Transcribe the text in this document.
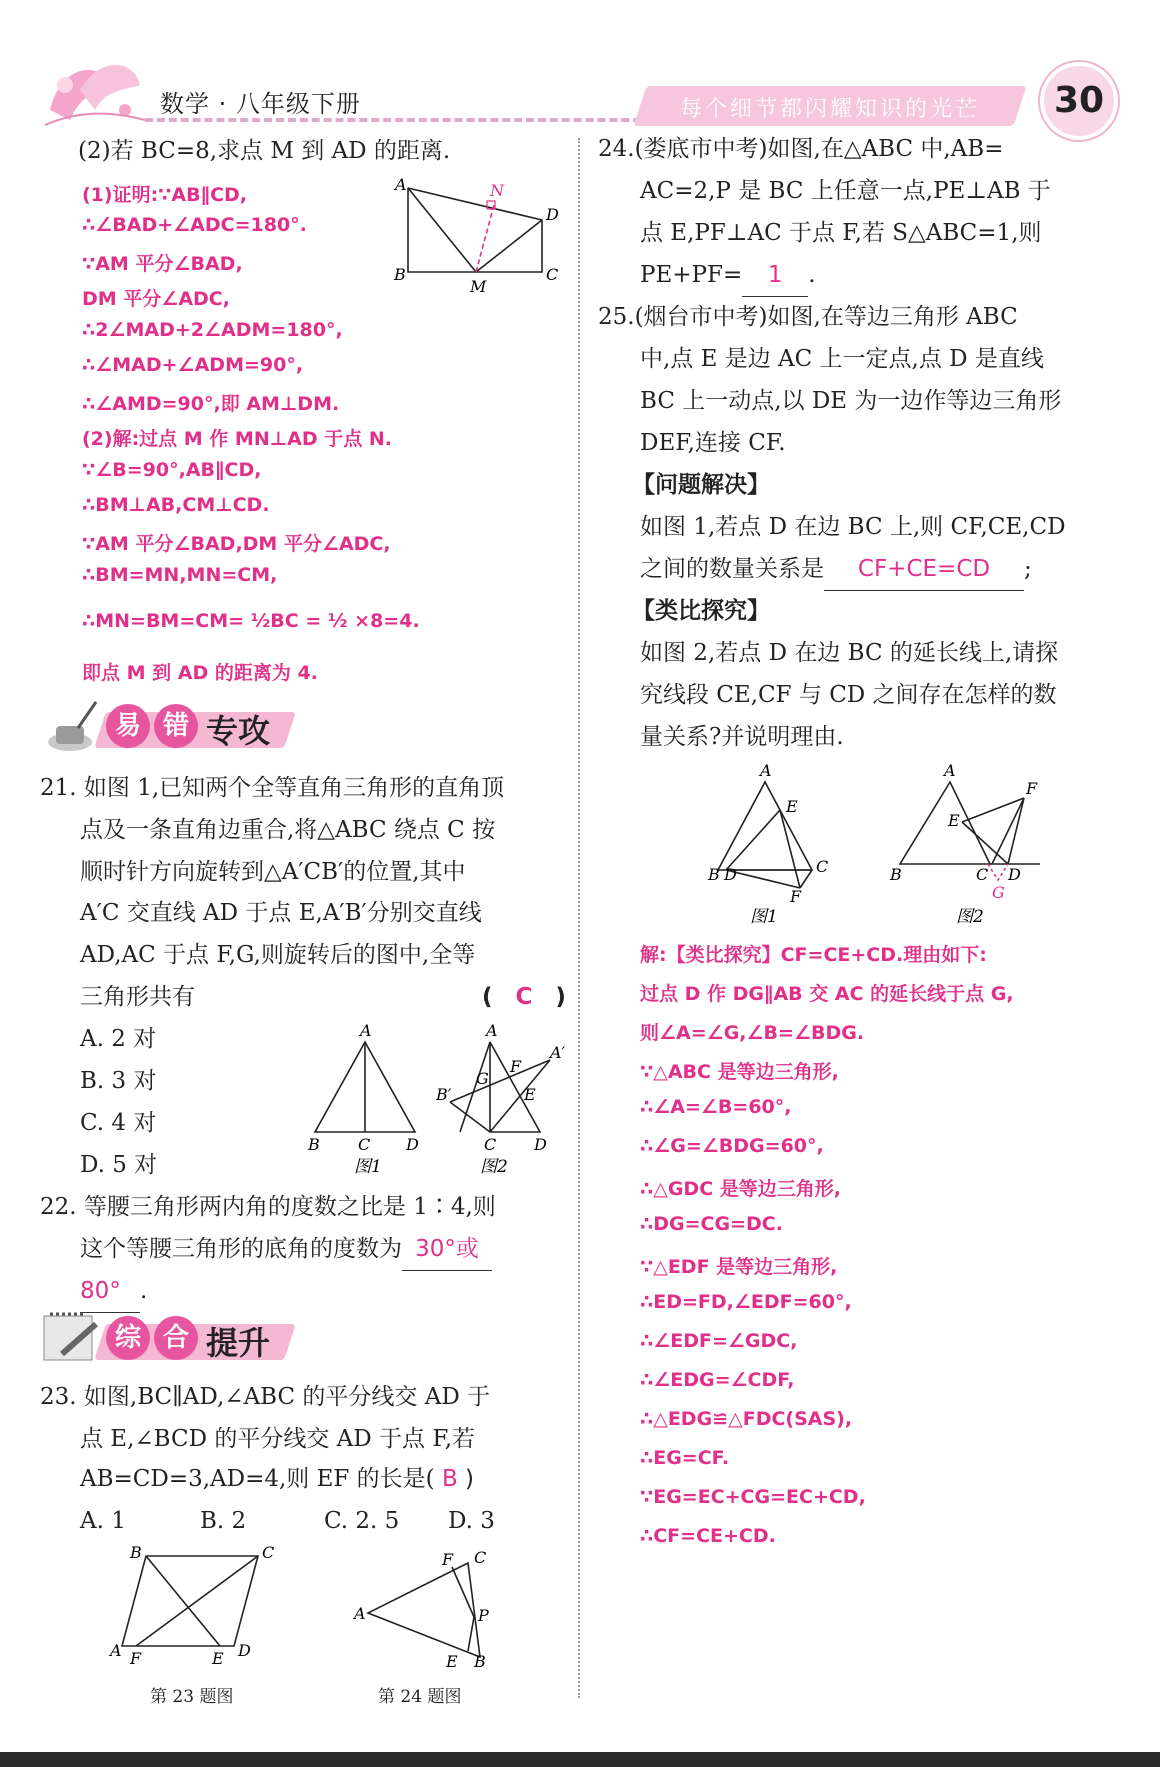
数学 · 八年级下册	每个细节都闪耀知识的光芒	30
(2)若 BC=8,求点 M 到 AD 的距离.
(1)证明:∵AB∥CD,
∴∠BAD+∠ADC=180°.
∵AM 平分∠BAD,
DM 平分∠ADC,
∴2∠MAD+2∠ADM=180°,
∴∠MAD+∠ADM=90°,
∴∠AMD=90°,即 AM⊥DM.
(2)解:过点 M 作 MN⊥AD 于点 N.
∵∠B=90°,AB∥CD,
∴BM⊥AB,CM⊥CD.
∵AM 平分∠BAD,DM 平分∠ADC,
∴BM=MN,MN=CM,
∴MN=BM=CM= ½BC = ½ ×8=4.
即点 M 到 AD 的距离为 4.
A
D
B	C
M
N
易 错 专攻
21. 如图 1,已知两个全等直角三角形的直角顶
点及一条直角边重合,将△ABC 绕点 C 按
顺时针方向旋转到△A′CB′的位置,其中
A′C 交直线 AD 于点 E,A′B′分别交直线
AD,AC 于点 F,G,则旋转后的图中,全等
三角形共有	(　C　)
A. 2 对
B. 3 对
C. 4 对
D. 5 对
A
B C D
A
A′
B′
G
F
E
C D
图1	图2
22. 等腰三角形两内角的度数之比是 1∶4,则
这个等腰三角形的底角的度数为 30°或
80° .
综 合 提升
23. 如图,BC∥AD,∠ABC 的平分线交 AD 于
点 E,∠BCD 的平分线交 AD 于点 F,若
AB=CD=3,AD=4,则 EF 的长是( B )
A. 1	B. 2	C. 2. 5 D. 3
B	C
A F	E D
第 23 题图
A
F C
P
E B
第 24 题图
24.(娄底市中考)如图,在△ABC 中,AB=
AC=2,P 是 BC 上任意一点,PE⊥AB 于
点 E,PF⊥AC 于点 F,若 S△ABC=1,则
PE+PF= 1 .
25.(烟台市中考)如图,在等边三角形 ABC
中,点 E 是边 AC 上一定点,点 D 是直线
BC 上一动点,以 DE 为一边作等边三角形
DEF,连接 CF.
【问题解决】
如图 1,若点 D 在边 BC 上,则 CF,CE,CD
之间的数量关系是 CF+CE=CD ;
【类比探究】
如图 2,若点 D 在边 BC 的延长线上,请探
究线段 CE,CF 与 CD 之间存在怎样的数
量关系?并说明理由.
A
E
C
B D
F
A
F
E
B	C D
G
图1	图2
解:【类比探究】CF=CE+CD.理由如下:
过点 D 作 DG∥AB 交 AC 的延长线于点 G,
则∠A=∠G,∠B=∠BDG.
∵△ABC 是等边三角形,
∴∠A=∠B=60°,
∴∠G=∠BDG=60°,
∴△GDC 是等边三角形,
∴DG=CG=DC.
∵△EDF 是等边三角形,
∴ED=FD,∠EDF=60°,
∴∠EDF=∠GDC,
∴∠EDG=∠CDF,
∴△EDG≌△FDC(SAS),
∴EG=CF.
∵EG=EC+CG=EC+CD,
∴CF=CE+CD.
